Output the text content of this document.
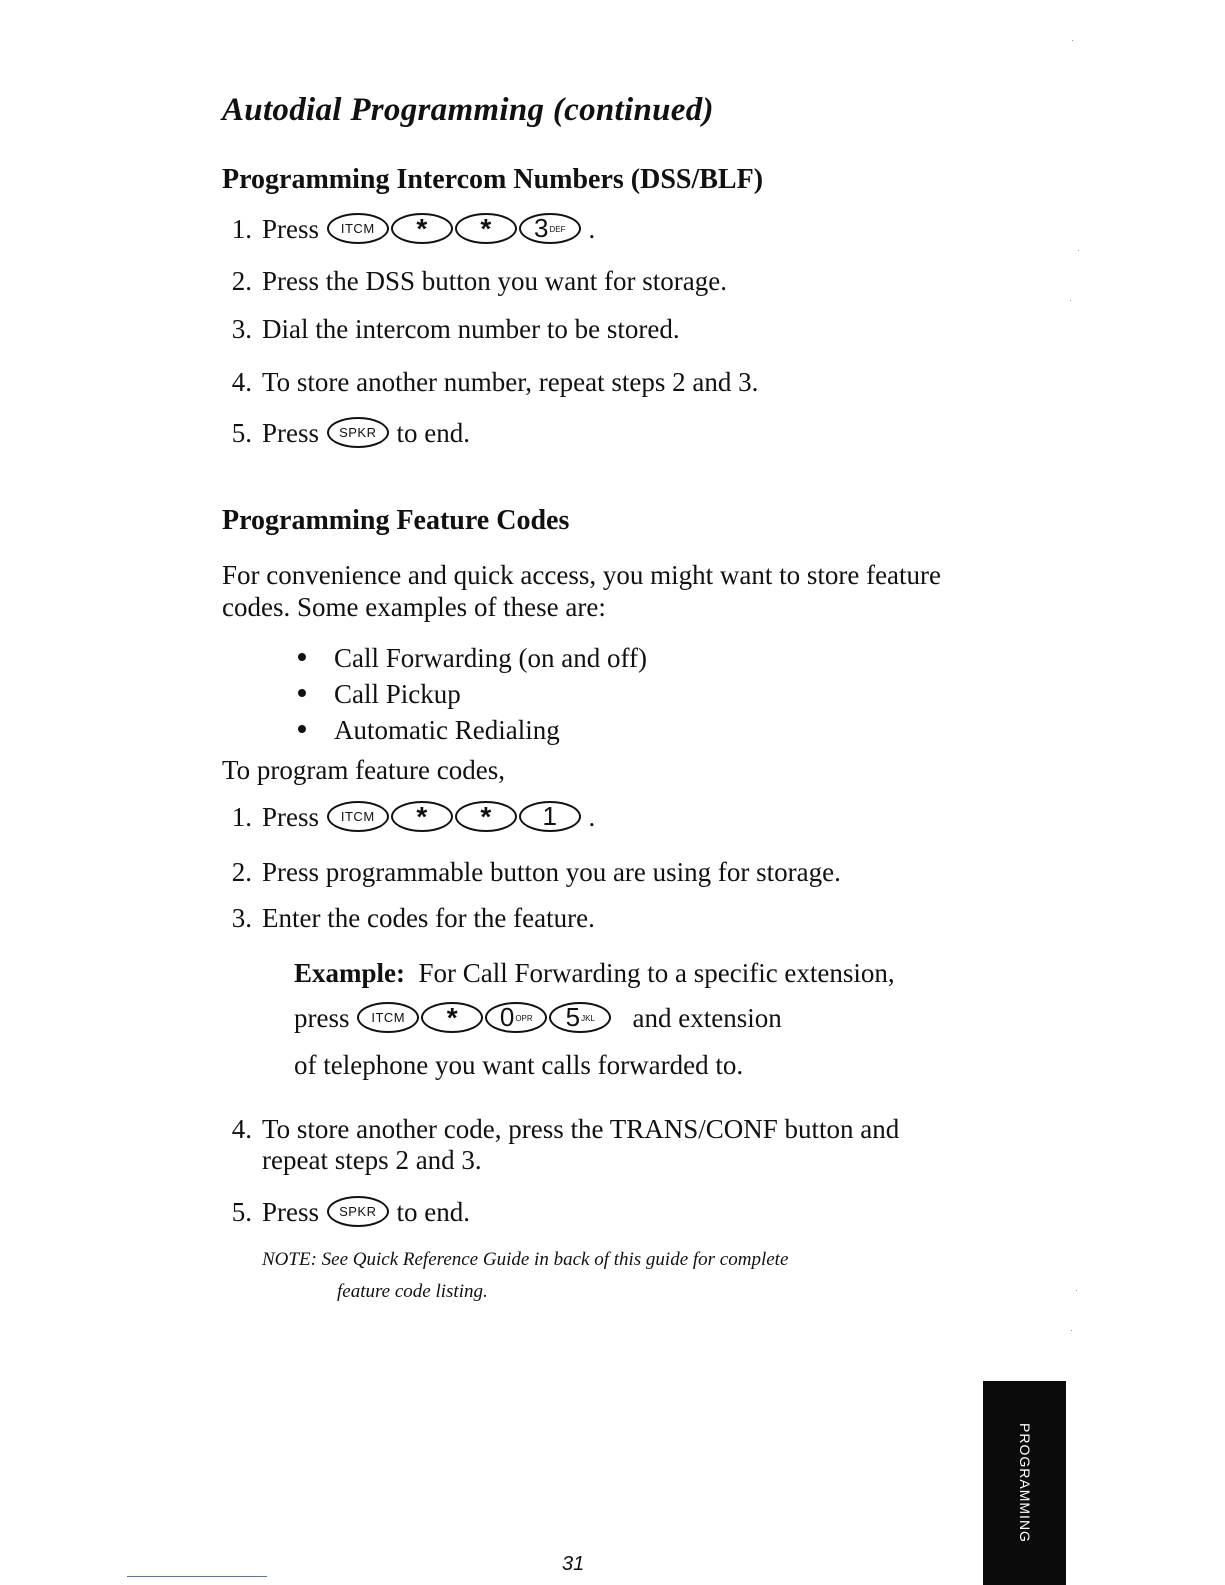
Autodial Programming (continued)
Programming Intercom Numbers (DSS/BLF)
1. Press ITCM * * 3 DEF .
2. Press the DSS button you want for storage.
3. Dial the intercom number to be stored.
4. To store another number, repeat steps 2 and 3.
5. Press SPKR to end.
Programming Feature Codes
For convenience and quick access, you might want to store feature
codes. Some examples of these are:
Call Forwarding (on and off)
Call Pickup
Automatic Redialing
To program feature codes,
1. Press ITCM * * 1 .
2. Press programmable button you are using for storage.
3. Enter the codes for the feature.
Example: For Call Forwarding to a specific extension,
press ITCM * 0 OPR 5 JKL and extension
of telephone you want calls forwarded to.
4. To store another code, press the TRANS/CONF button and
repeat steps 2 and 3.
5. Press SPKR to end.
NOTE: See Quick Reference Guide in back of this guide for complete
feature code listing.
PROGRAMMING
31
